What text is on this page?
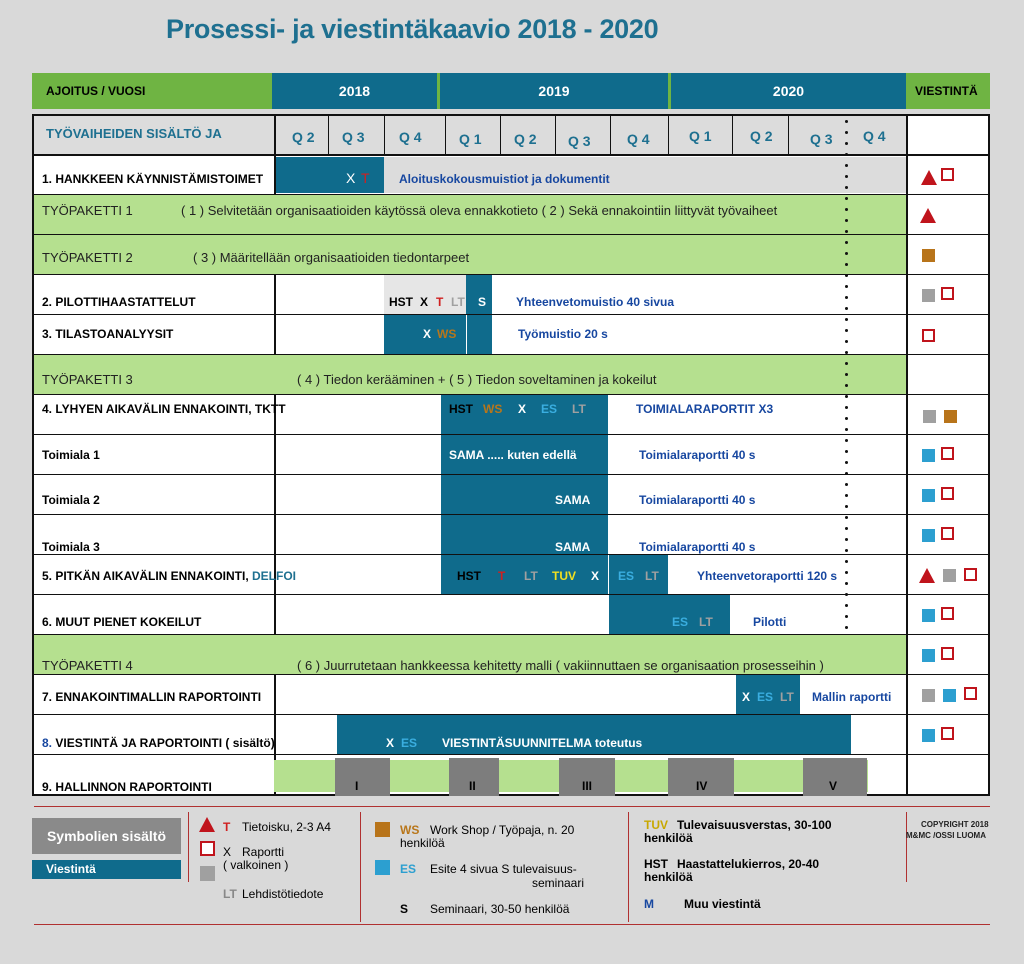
Prosessi- ja viestintäkaavio 2018 - 2020
AJOITUS / VUOSI	2018	2019	2020	VIESTINTÄ
TYÖVAIHEIDEN SISÄLTÖ JA	Q 2 Q 3 Q 4	Q 1 Q 2 Q 3	Q 4	Q 1	Q 2	Q 3 Q 4
1. HANKKEEN KÄYNNISTÄMISTOIMET	X T Aloituskokousmuistiot ja dokumentit
TYÖPAKETTI 1	( 1 ) Selvitetään organisaatioiden käytössä oleva ennakkotieto ( 2 ) Sekä ennakointiin liittyvät työvaiheet
TYÖPAKETTI 2	( 3 ) Määritellään organisaatioiden tiedontarpeet
2. PILOTTIHAASTATTELUT	HST X T LT S Yhteenvetomuistio 40 sivua
3. TILASTOANALYYSIT	X WS	Työmuistio 20 s
TYÖPAKETTI 3	( 4 ) Tiedon kerääminen + ( 5 ) Tiedon soveltaminen ja kokeilut
4. LYHYEN AIKAVÄLIN ENNAKOINTI, TKTT	HST WS X ES LT	TOIMIALARAPORTIT X3
Toimiala 1	SAMA ..... kuten edellä	Toimialaraportti 40 s
Toimiala 2	SAMA	Toimialaraportti 40 s
Toimiala 3	SAMA	Toimialaraportti 40 s
5. PITKÄN AIKAVÄLIN ENNAKOINTI, DELFOI	HST T LT TUV X ES LT	Yhteenvetoraportti 120 s
6. MUUT PIENET KOKEILUT	ES LT	Pilotti
TYÖPAKETTI 4	( 6 ) Juurrutetaan hankkeessa kehitetty malli ( vakiinnuttaen se organisaation prosesseihin )
7. ENNAKOINTIMALLIN RAPORTOINTI	X ES LT Mallin raportti
8. VIESTINTÄ JA RAPORTOINTI ( sisältö)	X ES VIESTINTÄSUUNNITELMA toteutus
9. HALLINNON RAPORTOINTI	I	II	III	IV	V
Symbolien sisältö
Viestintä
T Tietoisku, 2-3 A4
X Raportti
( valkoinen )
LT Lehdistötiedote
WS Work Shop / Työpaja, n. 20
henkilöä
ES Esite 4 sivua S tulevaisuus-
seminaari
S Seminaari, 30-50 henkilöä
TUV Tulevaisuusverstas, 30-100
henkilöä
HST Haastattelukierros, 20-40
henkilöä
M	Muu viestintä
COPYRIGHT 2018
M&MC /OSSI LUOMA
